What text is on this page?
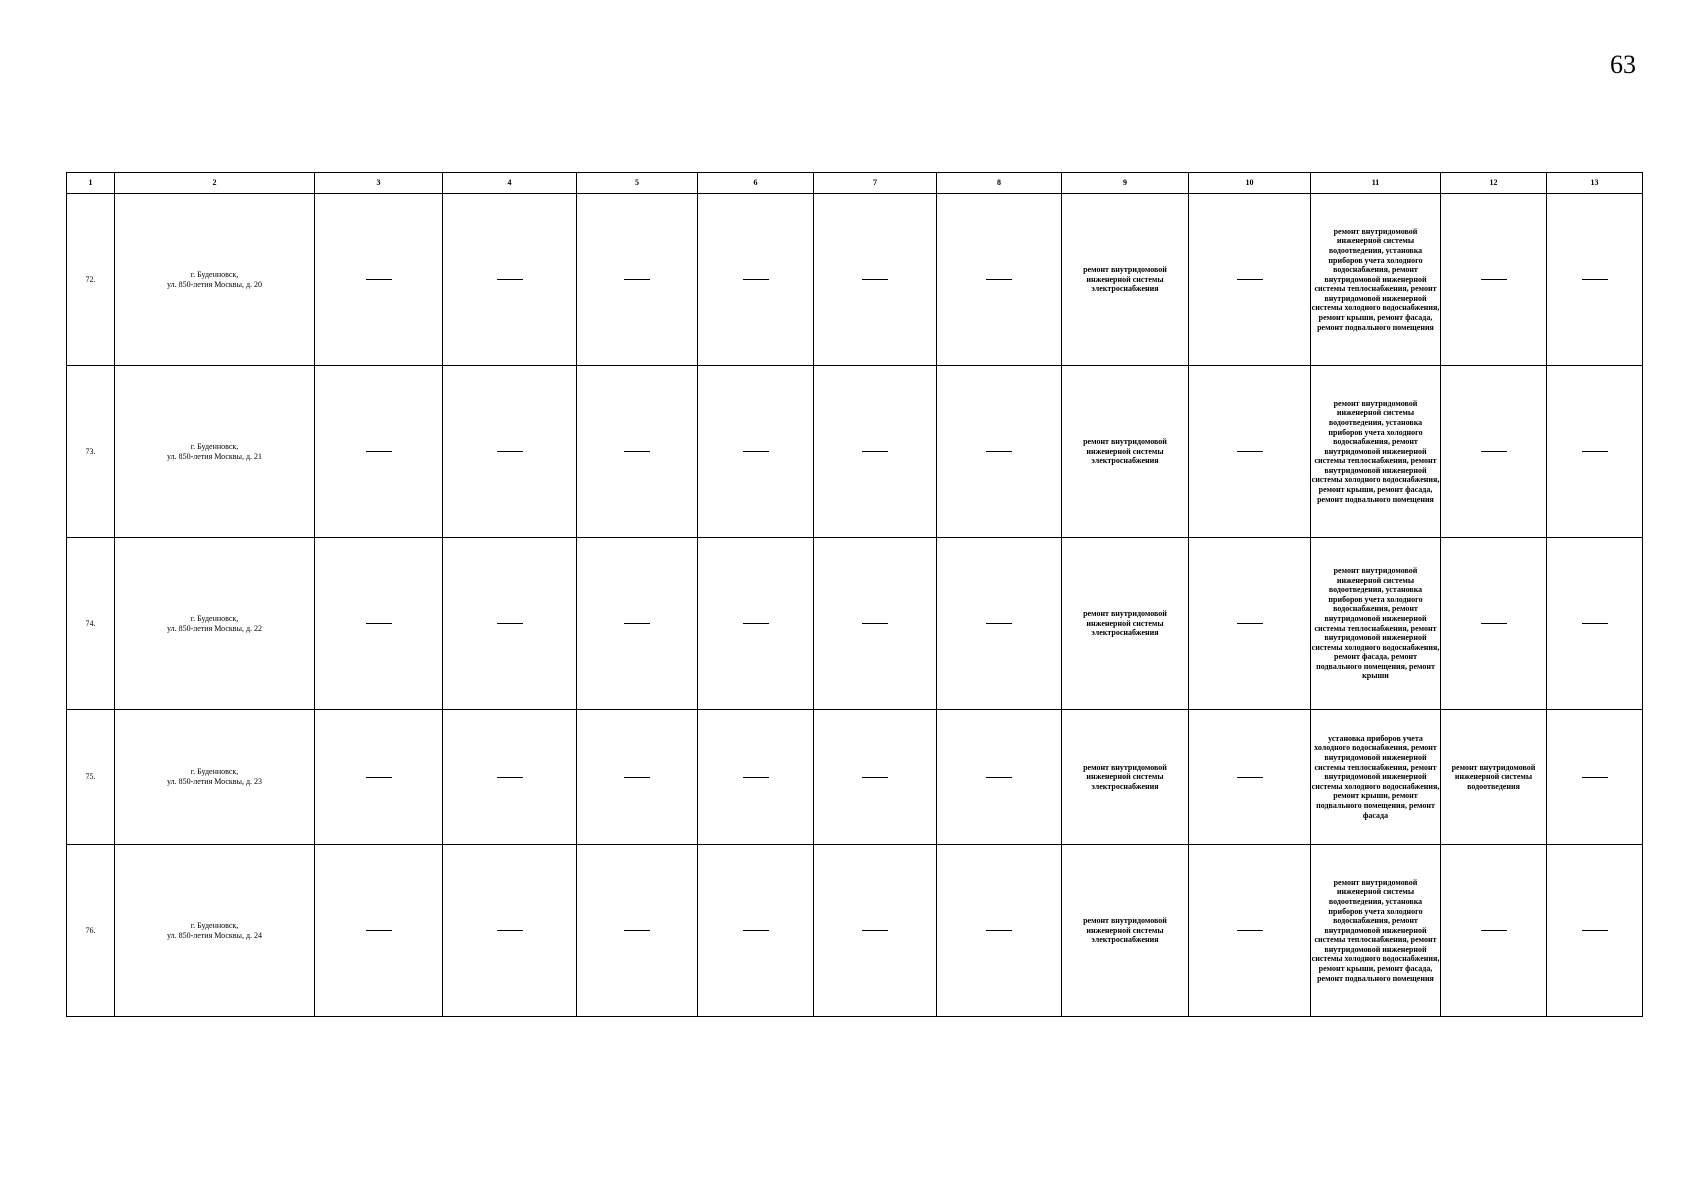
63
1	2	3	4	5	6	7	8	9	10	11	12	13
72.	г. Буденновск,
ул. 850-летия Москвы, д. 20							ремонт внутридомовой инженерной системы электроснабжения		ремонт внутридомовой инженерной системы водоотведения, установка приборов учета холодного водоснабжения, ремонт внутридомовой инженерной системы теплоснабжения, ремонт внутридомовой инженерной системы холодного водоснабжения, ремонт крыши, ремонт фасада, ремонт подвального помещения		
73.	г. Буденновск,
ул. 850-летия Москвы, д. 21							ремонт внутридомовой инженерной системы электроснабжения		ремонт внутридомовой инженерной системы водоотведения, установка приборов учета холодного водоснабжения, ремонт внутридомовой инженерной системы теплоснабжения, ремонт внутридомовой инженерной системы холодного водоснабжения, ремонт крыши, ремонт фасада, ремонт подвального помещения		
74.	г. Буденновск,
ул. 850-летия Москвы, д. 22							ремонт внутридомовой инженерной системы электроснабжения		ремонт внутридомовой инженерной системы водоотведения, установка приборов учета холодного водоснабжения, ремонт внутридомовой инженерной системы теплоснабжения, ремонт внутридомовой инженерной системы холодного водоснабжения, ремонт фасада, ремонт подвального помещения, ремонт крыши		
75.	г. Буденновск,
ул. 850-летия Москвы, д. 23							ремонт внутридомовой инженерной системы электроснабжения		установка приборов учета холодного водоснабжения, ремонт внутридомовой инженерной системы теплоснабжения, ремонт внутридомовой инженерной системы холодного водоснабжения, ремонт крыши, ремонт подвального помещения, ремонт фасада	ремонт внутридомовой инженерной системы водоотведения	
76.	г. Буденновск,
ул. 850-летия Москвы, д. 24							ремонт внутридомовой инженерной системы электроснабжения		ремонт внутридомовой инженерной системы водоотведения, установка приборов учета холодного водоснабжения, ремонт внутридомовой инженерной системы теплоснабжения, ремонт внутридомовой инженерной системы холодного водоснабжения, ремонт крыши, ремонт фасада, ремонт подвального помещения		
